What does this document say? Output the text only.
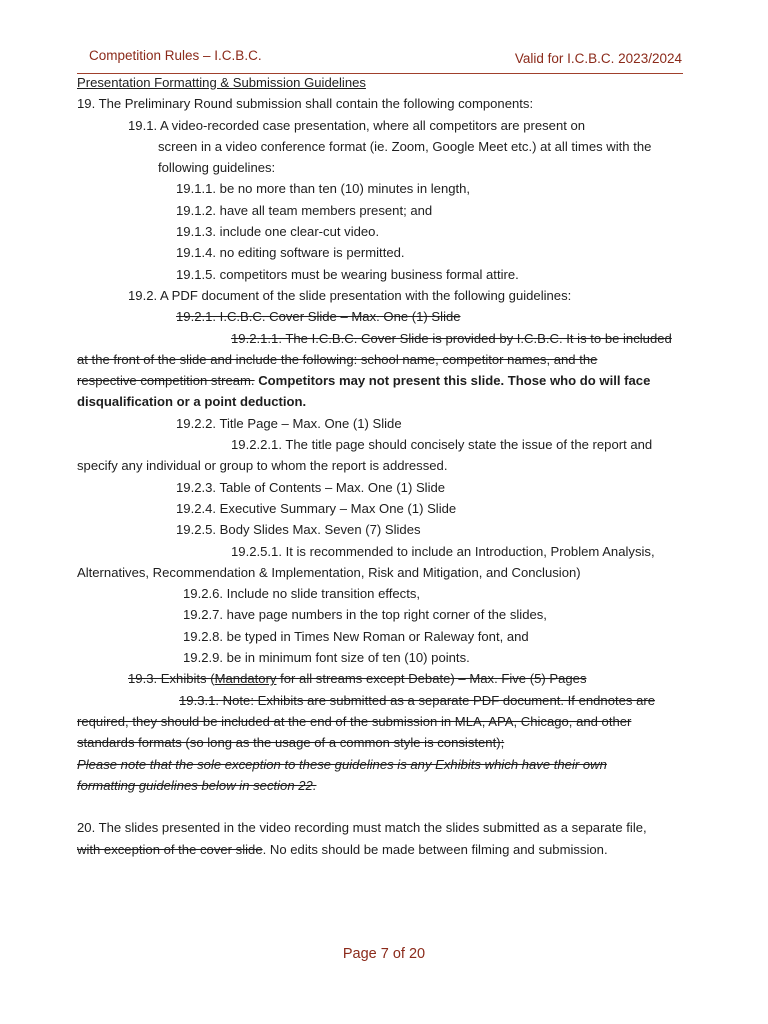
Competition Rules – I.C.B.C.	Valid for I.C.B.C. 2023/2024
Presentation Formatting & Submission Guidelines
19. The Preliminary Round submission shall contain the following components:
19.1. A video-recorded case presentation, where all competitors are present on
screen in a video conference format (ie. Zoom, Google Meet etc.) at all times with the
following guidelines:
19.1.1. be no more than ten (10) minutes in length,
19.1.2. have all team members present; and
19.1.3. include one clear-cut video.
19.1.4. no editing software is permitted.
19.1.5. competitors must be wearing business formal attire.
19.2. A PDF document of the slide presentation with the following guidelines:
19.2.1. I.C.B.C. Cover Slide – Max. One (1) Slide
19.2.1.1. The I.C.B.C. Cover Slide is provided by I.C.B.C. It is to be included
at the front of the slide and include the following: school name, competitor names, and the
respective competition stream. Competitors may not present this slide. Those who do will face
disqualification or a point deduction.
19.2.2. Title Page – Max. One (1) Slide
19.2.2.1. The title page should concisely state the issue of the report and
specify any individual or group to whom the report is addressed.
19.2.3. Table of Contents – Max. One (1) Slide
19.2.4. Executive Summary – Max One (1) Slide
19.2.5. Body Slides Max. Seven (7) Slides
19.2.5.1. It is recommended to include an Introduction, Problem Analysis,
Alternatives, Recommendation & Implementation, Risk and Mitigation, and Conclusion)
19.2.6. Include no slide transition effects,
19.2.7. have page numbers in the top right corner of the slides,
19.2.8. be typed in Times New Roman or Raleway font, and
19.2.9. be in minimum font size of ten (10) points.
19.3. Exhibits (Mandatory for all streams except Debate) – Max. Five (5) Pages
19.3.1. Note: Exhibits are submitted as a separate PDF document. If endnotes are
required, they should be included at the end of the submission in MLA, APA, Chicago, and other
standards formats (so long as the usage of a common style is consistent);
Please note that the sole exception to these guidelines is any Exhibits which have their own
formatting guidelines below in section 22.
20. The slides presented in the video recording must match the slides submitted as a separate file,
with exception of the cover slide. No edits should be made between filming and submission.
Page 7 of 20
